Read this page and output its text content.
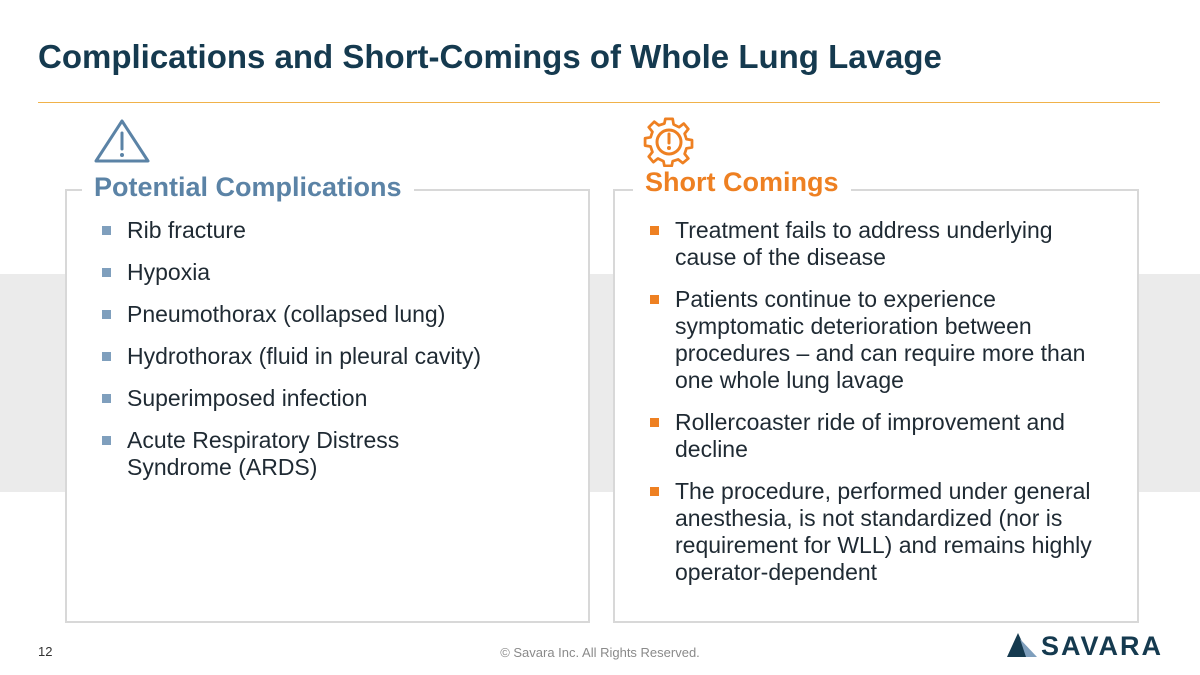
Complications and Short-Comings of Whole Lung Lavage
Potential Complications
Rib fracture
Hypoxia
Pneumothorax (collapsed lung)
Hydrothorax (fluid in pleural cavity)
Superimposed infection
Acute Respiratory Distress Syndrome (ARDS)
Short Comings
Treatment fails to address underlying cause of the disease
Patients continue to experience symptomatic deterioration between procedures – and can require more than one whole lung lavage
Rollercoaster ride of improvement and decline
The procedure, performed under general anesthesia, is not standardized (nor is requirement for WLL) and remains highly operator-dependent
12	© Savara Inc. All Rights Reserved.	SAVARA
